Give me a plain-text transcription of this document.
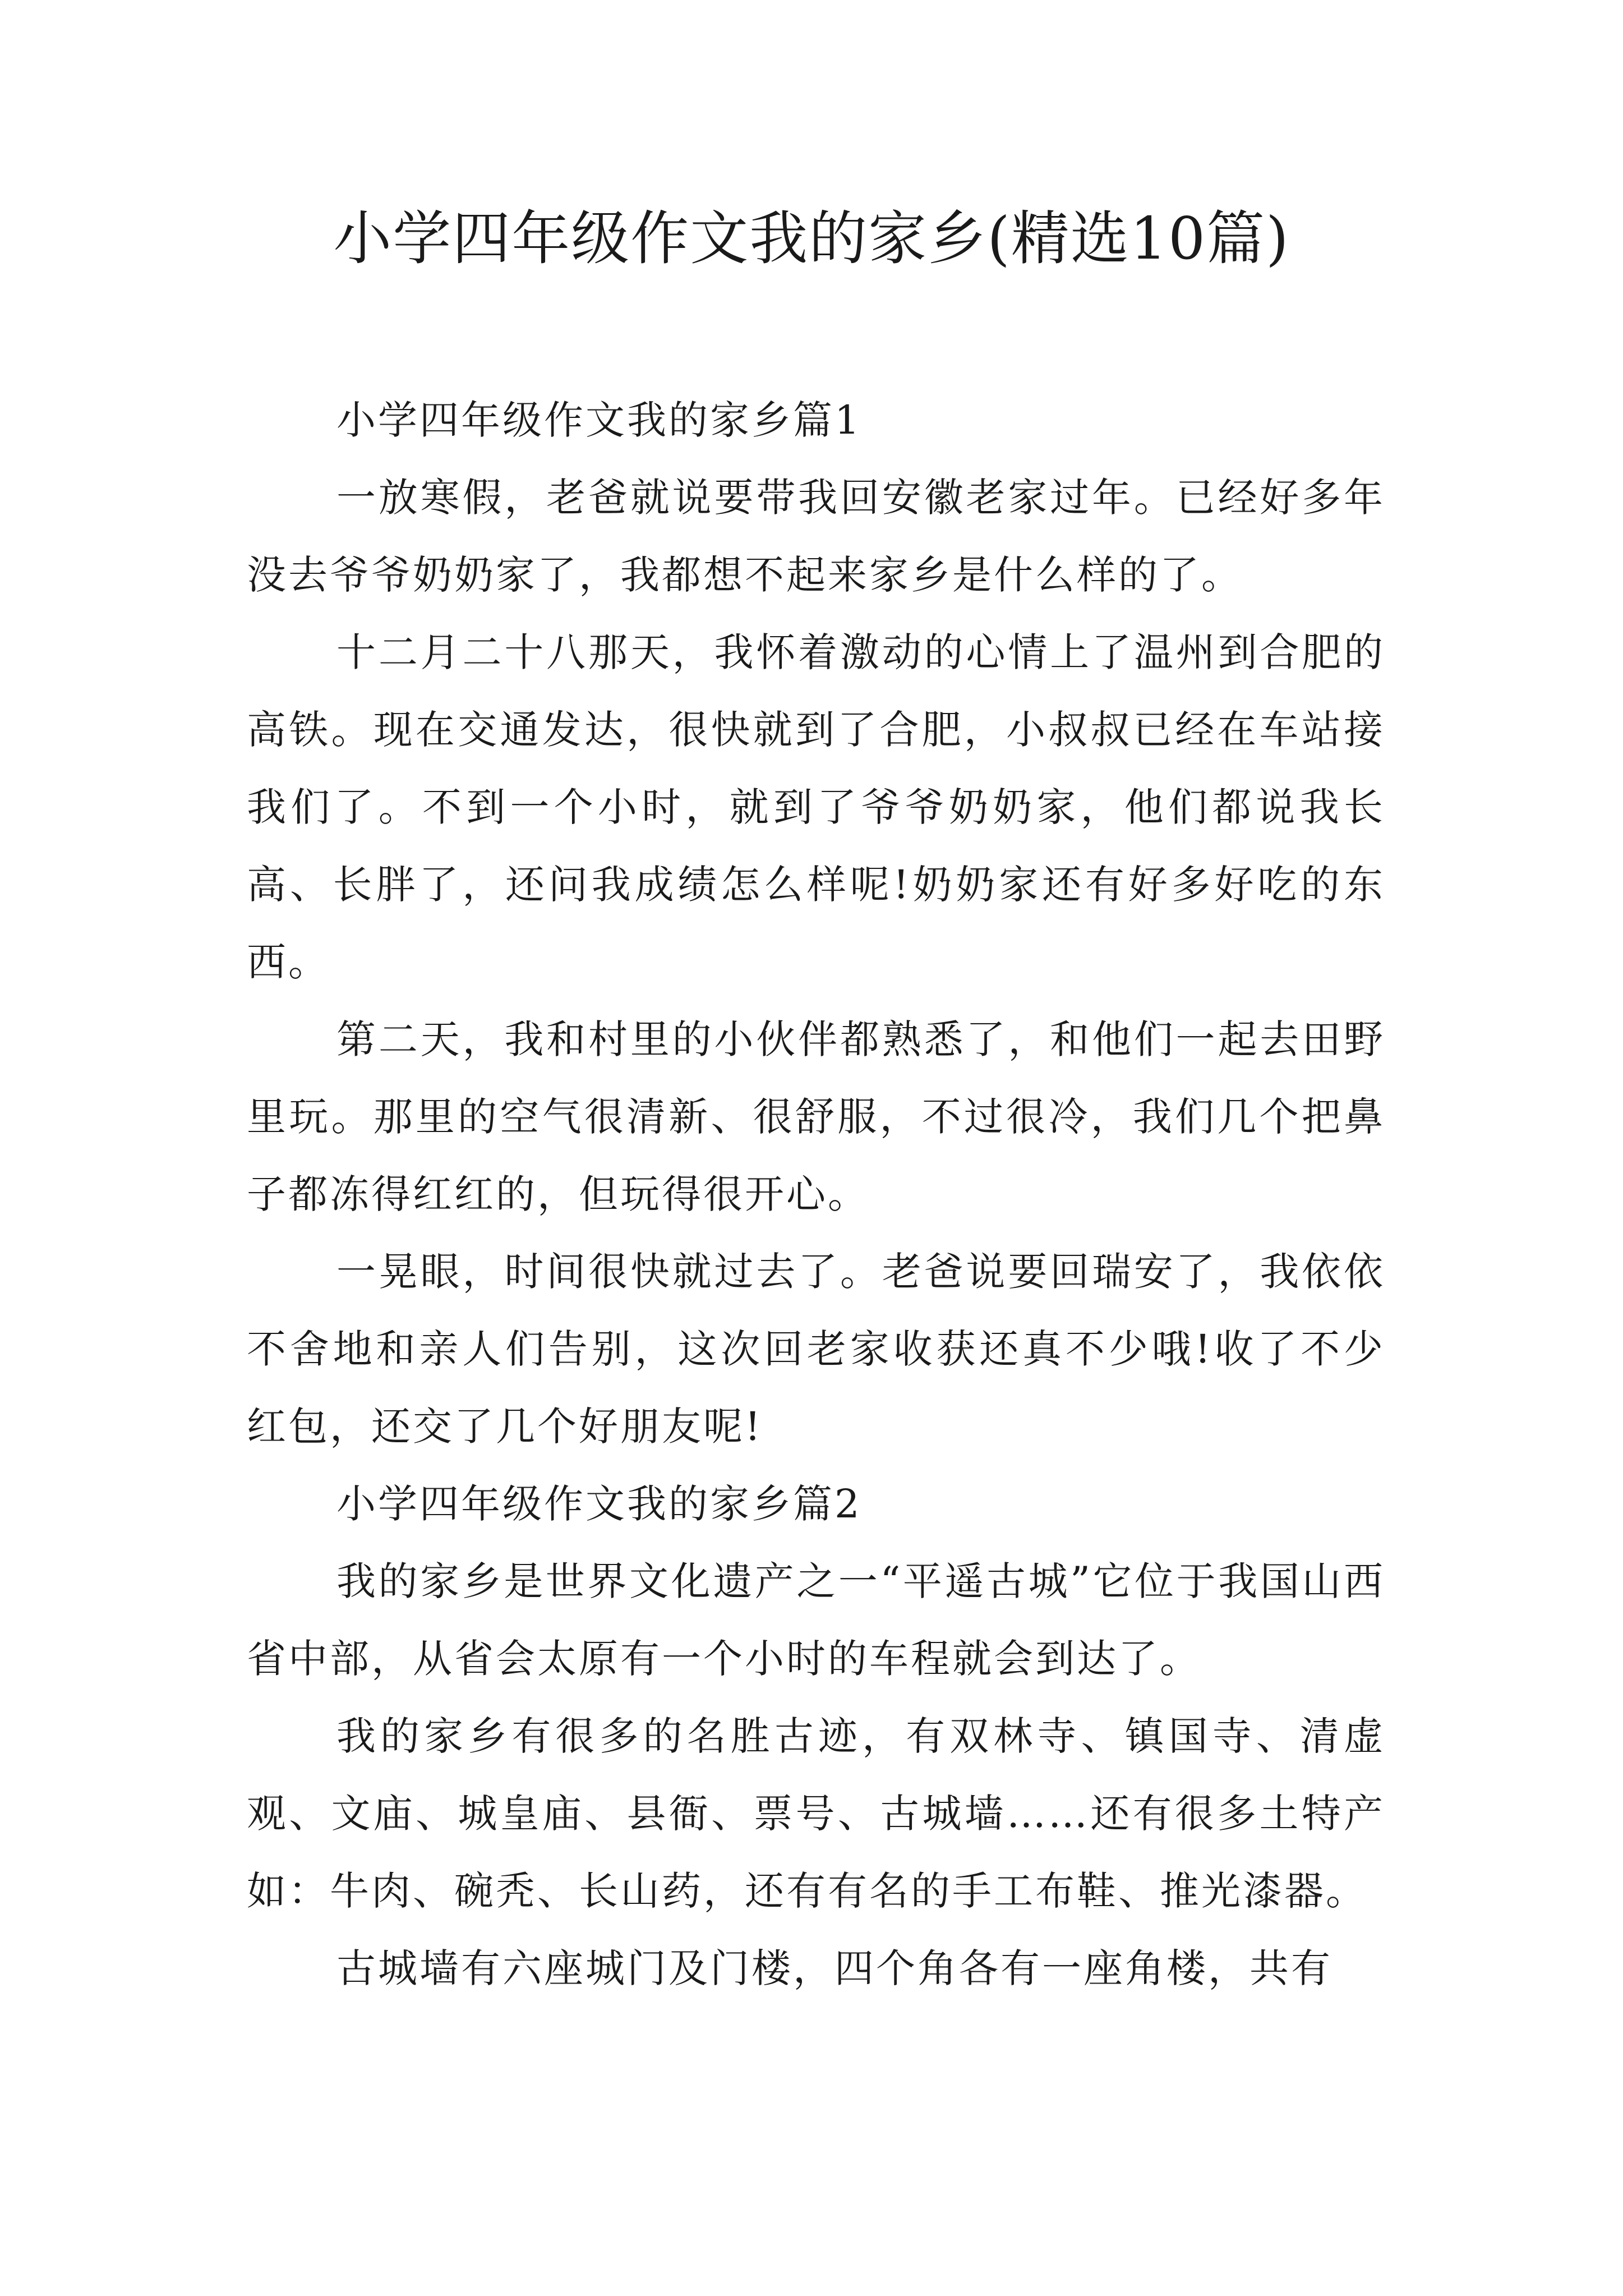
小学四年级作文我的家乡(精选10篇)

小学四年级作文我的家乡篇1

一放寒假，老爸就说要带我回安徽老家过年。已经好多年没去爷爷奶奶家了，我都想不起来家乡是什么样的了。

十二月二十八那天，我怀着激动的心情上了温州到合肥的高铁。现在交通发达，很快就到了合肥，小叔叔已经在车站接我们了。不到一个小时，就到了爷爷奶奶家，他们都说我长高、长胖了，还问我成绩怎么样呢!奶奶家还有好多好吃的东西。

第二天，我和村里的小伙伴都熟悉了，和他们一起去田野里玩。那里的空气很清新、很舒服，不过很冷，我们几个把鼻子都冻得红红的，但玩得很开心。

一晃眼，时间很快就过去了。老爸说要回瑞安了，我依依不舍地和亲人们告别，这次回老家收获还真不少哦!收了不少红包，还交了几个好朋友呢!

小学四年级作文我的家乡篇2

我的家乡是世界文化遗产之一“平遥古城”它位于我国山西省中部，从省会太原有一个小时的车程就会到达了。

我的家乡有很多的名胜古迹，有双林寺、镇国寺、清虚观、文庙、城皇庙、县衙、票号、古城墙……还有很多土特产如：牛肉、碗秃、长山药，还有有名的手工布鞋、推光漆器。

古城墙有六座城门及门楼，四个角各有一座角楼，共有
